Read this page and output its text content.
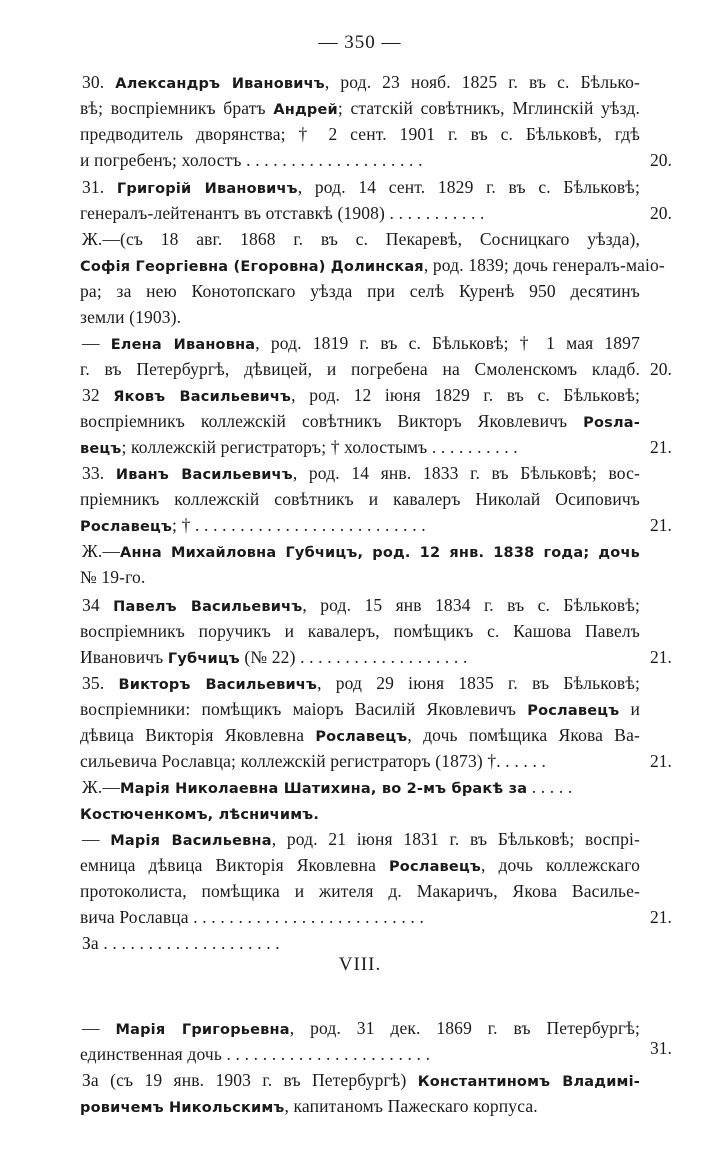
— 350 —
30. Александръ Ивановичъ, род. 23 нояб. 1825 г. въ с. Бѣлько-
вѣ; воспріемникъ братъ Андрей; статскій совѣтникъ, Мглинскій уѣзд.
предводитель дворянства; † 2 сент. 1901 г. въ с. Бѣльковѣ, гдѣ
и погребенъ; холостъ . . . . . . . . . . . . . . . . . . . .	20.
31. Григорій Ивановичъ, род. 14 сент. 1829 г. въ с. Бѣльковѣ;
генералъ-лейтенантъ въ отставкѣ (1908) . . . . . . . . . . .	20.
Ж.—(съ 18 авг. 1868 г. въ с. Пекаревѣ, Сосницкаго уѣзда),
Софія Георгіевна (Егоровна) Долинская, род. 1839; дочь генералъ-маіо-
ра; за нею Конотопскаго уѣзда при селѣ Куренѣ 950 десятинъ
земли (1903).
— Елена Ивановна, род. 1819 г. въ с. Бѣльковѣ; † 1 мая 1897
г. въ Петербургѣ, дѣвицей, и погребена на Смоленскомъ кладб. 20.
32 Яковъ Васильевичъ, род. 12 іюня 1829 г. въ с. Бѣльковѣ;
воспріемникъ коллежскій совѣтникъ Викторъ Яковлевичъ Рosла-
вецъ; коллежскій регистраторъ; † холостымъ . . . . . . . . . .	21.
33. Иванъ Васильевичъ, род. 14 янв. 1833 г. въ Бѣльковѣ; вос-
пріемникъ коллежскій совѣтникъ и кавалеръ Николай Осиповичъ
Рославецъ; † . . . . . . . . . . . . . . . . . . . . . . . . . .	21.
Ж.—Анна Михайловна Губчицъ, род. 12 янв. 1838 года; дочь
№ 19-го.
34 Павелъ Васильевичъ, род. 15 янв 1834 г. въ с. Бѣльковѣ;
воспріемникъ поручикъ и кавалеръ, помѣщикъ с. Кашова Павелъ
Ивановичъ Губчицъ (№ 22) . . . . . . . . . . . . . . . . . . .	21.
35. Викторъ Васильевичъ, род 29 іюня 1835 г. въ Бѣльковѣ;
воспріемники: помѣщикъ маіоръ Василій Яковлевичъ Рославецъ и
дѣвица Викторія Яковлевна Рославецъ, дочь помѣщика Якова Ва-
сильевича Рославца; коллежскій регистраторъ (1873) †. . . . . .	21.
Ж.—Марія Николаевна Шатихина, во 2-мъ бракѣ за . . . . .
Костюченкомъ, лѣсничимъ.
— Марія Васильевна, род. 21 іюня 1831 г. въ Бѣльковѣ; воспрі-
емница дѣвица Викторія Яковлевна Рославецъ, дочь коллежскаго
протоколиста, помѣщика и жителя д. Макаричъ, Якова Василье-
вича Рославца . . . . . . . . . . . . . . . . . . . . . . . . . .	21.
За . . . . . . . . . . . . . . . . . . . .
VIII.
— Марія Григорьевна, род. 31 дек. 1869 г. въ Петербургѣ;
единственная дочь . . . . . . . . . . . . . . . . . . . . . . .	31.
За (съ 19 янв. 1903 г. въ Петербургѣ) Константиномъ Владимі-
ровичемъ Никольскимъ, капитаномъ Пажескаго корпуса.
